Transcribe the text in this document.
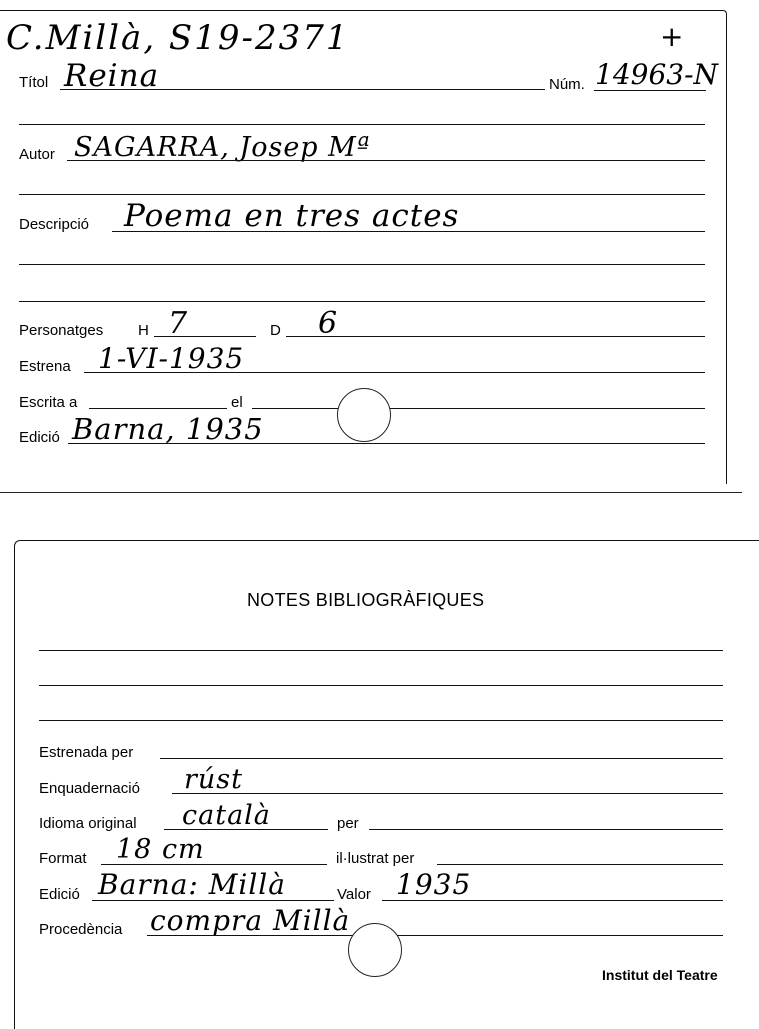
C.Millà, S19-2371	+
Títol Reina	Núm. 14963-N
Autor SAGARRA, Josep Mª
Descripció Poema en tres actes
Personatges H 7	D 6
Estrena 1-VI-1935
Escrita a	el
Edició Barna, 1935
NOTES BIBLIOGRÀFIQUES
Estrenada per
Enquadernació rúst
Idioma original català	per
Format 18 cm	il·lustrat per
Edició Barna: Millà	Valor 1935
Procedència compra Millà
Institut del Teatre
